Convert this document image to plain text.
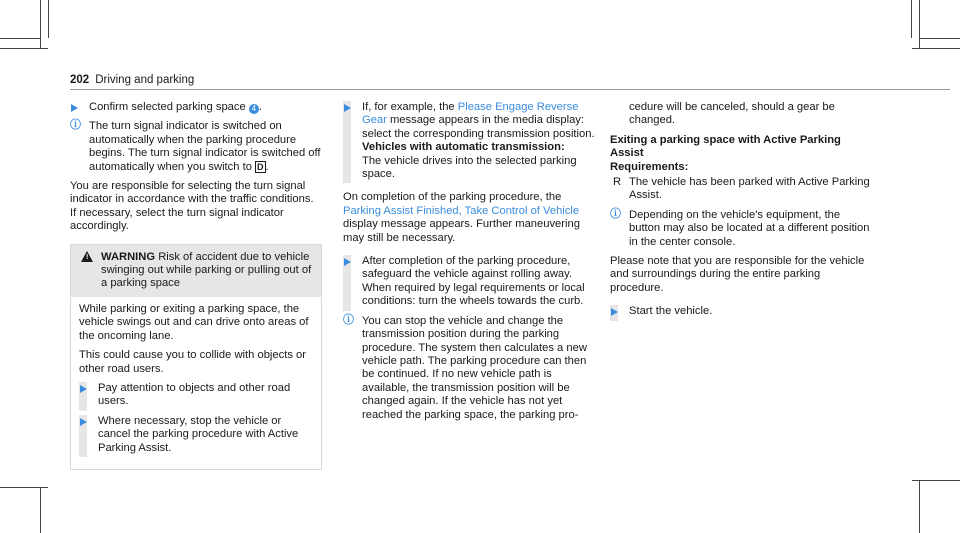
202 Driving and parking
Confirm selected parking space 4 .
ⓘ The turn signal indicator is switched on automatically when the parking procedure begins. The turn signal indicator is switched off automatically when you switch to D .

You are responsible for selecting the turn signal indicator in accordance with the traffic conditions. If necessary, select the turn signal indicator accordingly.

! WARNING Risk of accident due to vehicle swinging out while parking or pulling out of a parking space

While parking or exiting a parking space, the vehicle swings out and can drive onto areas of the oncoming lane.

This could cause you to collide with objects or other road users.

Pay attention to objects and other road users.
Where necessary, stop the vehicle or cancel the parking procedure with Active Parking Assist.
If, for example, the Please Engage Reverse Gear message appears in the media display: select the corresponding transmission position.
Vehicles with automatic transmission:
The vehicle drives into the selected parking space.

On completion of the parking procedure, the Parking Assist Finished, Take Control of Vehicle display message appears. Further maneuvering may still be necessary.

After completion of the parking procedure, safeguard the vehicle against rolling away. When required by legal requirements or local conditions: turn the wheels towards the curb.
ⓘ You can stop the vehicle and change the transmission position during the parking procedure. The system then calculates a new vehicle path. The parking procedure can then be continued. If no new vehicle path is available, the transmission position will be changed again. If the vehicle has not yet reached the parking space, the parking pro-

cedure will be canceled, should a gear be changed.

Exiting a parking space with Active Parking Assist

Requirements:

R The vehicle has been parked with Active Parking Assist.
ⓘ Depending on the vehicle's equipment, the button may also be located at a different position in the center console.

Please note that you are responsible for the vehicle and surroundings during the entire parking procedure.

Start the vehicle.
